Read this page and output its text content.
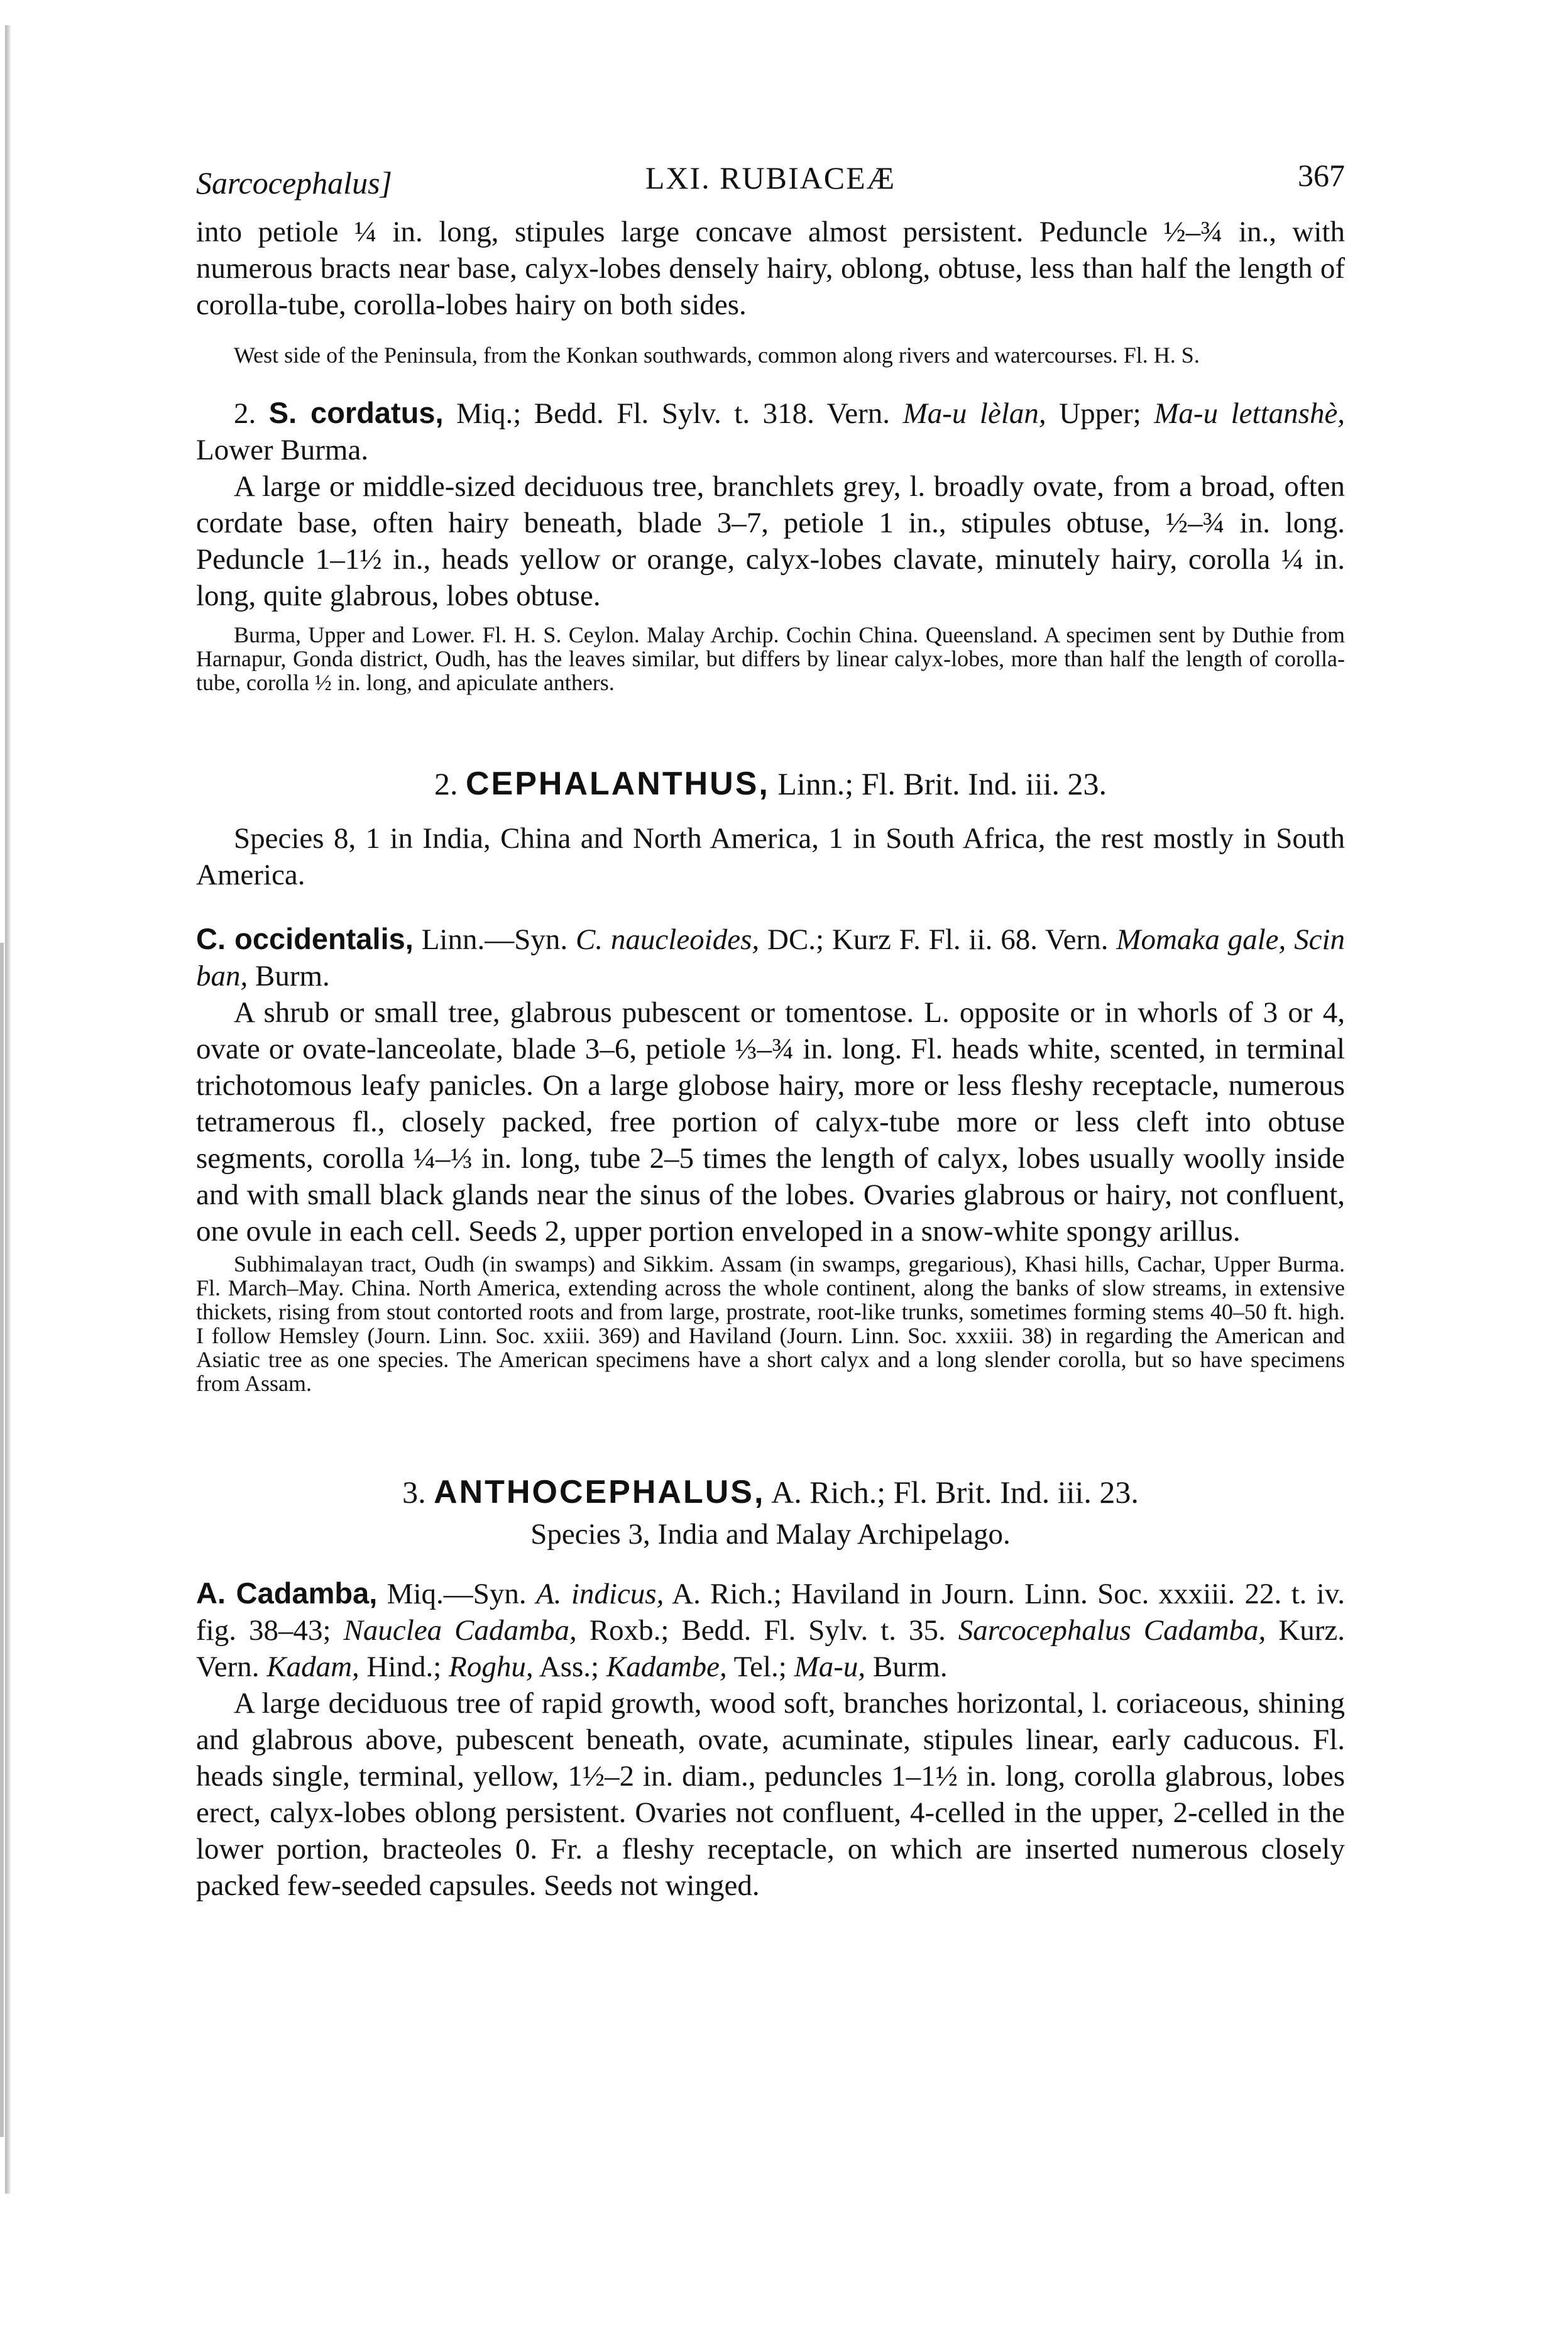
Sarcocephalus]	LXI. RUBIACEÆ	367

into petiole ¼ in. long, stipules large concave almost persistent. Peduncle ½–¾ in., with numerous bracts near base, calyx-lobes densely hairy, oblong, obtuse, less than half the length of corolla-tube, corolla-lobes hairy on both sides.

West side of the Peninsula, from the Konkan southwards, common along rivers and watercourses. Fl. H. S.

2. S. cordatus, Miq.; Bedd. Fl. Sylv. t. 318. Vern. Ma-u lèlan, Upper; Ma-u lettanshè, Lower Burma.

A large or middle-sized deciduous tree, branchlets grey, l. broadly ovate, from a broad, often cordate base, often hairy beneath, blade 3–7, petiole 1 in., stipules obtuse, ½–¾ in. long. Peduncle 1–1½ in., heads yellow or orange, calyx-lobes clavate, minutely hairy, corolla ¼ in. long, quite glabrous, lobes obtuse.

Burma, Upper and Lower. Fl. H. S. Ceylon. Malay Archip. Cochin China. Queensland. A specimen sent by Duthie from Harnapur, Gonda district, Oudh, has the leaves similar, but differs by linear calyx-lobes, more than half the length of corolla-tube, corolla ½ in. long, and apiculate anthers.

2. CEPHALANTHUS, Linn.; Fl. Brit. Ind. iii. 23.

Species 8, 1 in India, China and North America, 1 in South Africa, the rest mostly in South America.

C. occidentalis, Linn.—Syn. C. naucleoides, DC.; Kurz F. Fl. ii. 68. Vern. Momaka gale, Scin ban, Burm.

A shrub or small tree, glabrous pubescent or tomentose. L. opposite or in whorls of 3 or 4, ovate or ovate-lanceolate, blade 3–6, petiole ⅓–¾ in. long. Fl. heads white, scented, in terminal trichotomous leafy panicles. On a large globose hairy, more or less fleshy receptacle, numerous tetramerous fl., closely packed, free portion of calyx-tube more or less cleft into obtuse segments, corolla ¼–⅓ in. long, tube 2–5 times the length of calyx, lobes usually woolly inside and with small black glands near the sinus of the lobes. Ovaries glabrous or hairy, not confluent, one ovule in each cell. Seeds 2, upper portion enveloped in a snow-white spongy arillus.

Subhimalayan tract, Oudh (in swamps) and Sikkim. Assam (in swamps, gregarious), Khasi hills, Cachar, Upper Burma. Fl. March–May. China. North America, extending across the whole continent, along the banks of slow streams, in extensive thickets, rising from stout contorted roots and from large, prostrate, root-like trunks, sometimes forming stems 40–50 ft. high. I follow Hemsley (Journ. Linn. Soc. xxiii. 369) and Haviland (Journ. Linn. Soc. xxxiii. 38) in regarding the American and Asiatic tree as one species. The American specimens have a short calyx and a long slender corolla, but so have specimens from Assam.

3. ANTHOCEPHALUS, A. Rich.; Fl. Brit. Ind. iii. 23.

Species 3, India and Malay Archipelago.

A. Cadamba, Miq.—Syn. A. indicus, A. Rich.; Haviland in Journ. Linn. Soc. xxxiii. 22. t. iv. fig. 38–43; Nauclea Cadamba, Roxb.; Bedd. Fl. Sylv. t. 35. Sarcocephalus Cadamba, Kurz. Vern. Kadam, Hind.; Roghu, Ass.; Kadambe, Tel.; Ma-u, Burm.

A large deciduous tree of rapid growth, wood soft, branches horizontal, l. coriaceous, shining and glabrous above, pubescent beneath, ovate, acuminate, stipules linear, early caducous. Fl. heads single, terminal, yellow, 1½–2 in. diam., peduncles 1–1½ in. long, corolla glabrous, lobes erect, calyx-lobes oblong persistent. Ovaries not confluent, 4-celled in the upper, 2-celled in the lower portion, bracteoles 0. Fr. a fleshy receptacle, on which are inserted numerous closely packed few-seeded capsules. Seeds not winged.
